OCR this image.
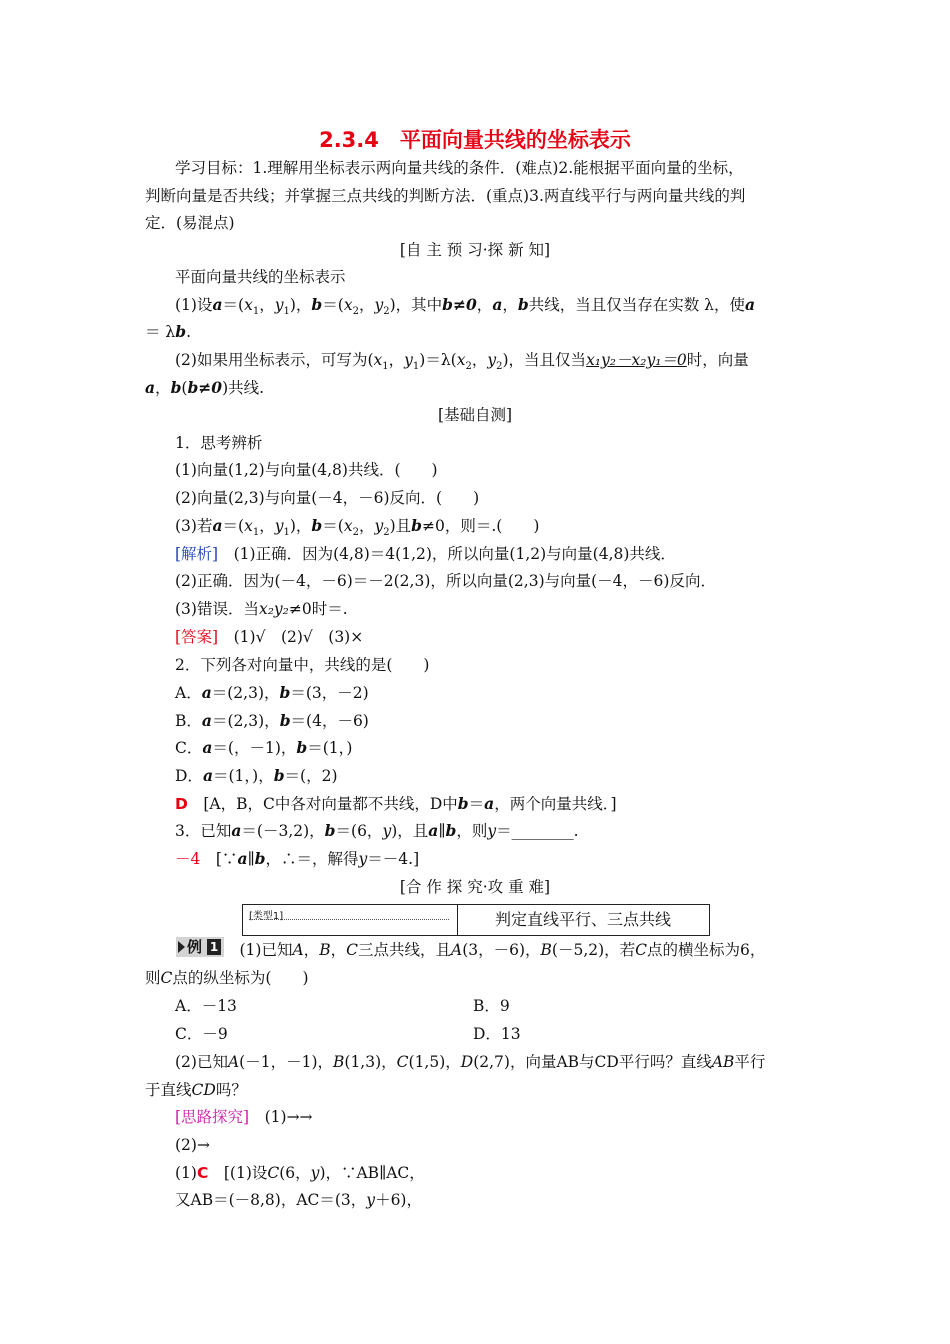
2.3.4　平面向量共线的坐标表示
学习目标：1.理解用坐标表示两向量共线的条件．(难点)2.能根据平面向量的坐标，
判断向量是否共线；并掌握三点共线的判断方法．(重点)3.两直线平行与两向量共线的判
定．(易混点)
[自 主 预 习·探 新 知]
平面向量共线的坐标表示
(1)设$a=(x_1$，$y_1$)，$b=(x_2$，$y_2$)，其中b≠0，a，b共线，当且仅当存在实数 λ，使a
＝ λb.
(2)如果用坐标表示，可写为($x_1$，$y_1)=\lambda(x_2$，$y_2$)，当且仅当x₁y₂－x₂y₁＝0时，向量
a，b(b≠0)共线.
[基础自测]
1．思考辨析
(1)向量(1,2)与向量(4,8)共线．(　　)
(2)向量(2,3)与向量(－4，－6)反向．(　　)
(3)若$a=(x_1$，$y_1$)，$b=(x_2$，$y_2$)且b≠0，则＝.(　　)
[解析]　(1)正确．因为(4,8)＝4(1,2)，所以向量(1,2)与向量(4,8)共线．
(2)正确．因为(－4，－6)＝－2(2,3)，所以向量(2,3)与向量(－4，－6)反向．
(3)错误．当x₂y₂≠0时＝.
[答案]　(1)√　(2)√　(3)×
2．下列各对向量中，共线的是(　　)
A．a＝(2,3)，b＝(3，－2)
B．a＝(2,3)，b＝(4，－6)
C．a＝(，－1)，b＝(1，)
D．a＝(1，)，b＝(，2)
D　[A，B，C中各对向量都不共线，D中b＝a，两个向量共线．]
3．已知a＝(－3,2)，b＝(6，y)，且a∥b，则y＝________.
－4　[∵a∥b，∴＝，解得y＝－4.]
[合 作 探 究·攻 重 难]
[类型1]	判定直线平行、三点共线
例 1 　(1)已知A，B，C三点共线，且A(3，－6)，B(－5,2)，若C点的横坐标为6，
则C点的纵坐标为(　　)
A．－13	B．9
C．－9	D．13
(2)已知A(－1，－1)，B(1,3)，C(1,5)，D(2,7)，向量AB与CD平行吗？直线AB平行
于直线CD吗？
[思路探究]　(1)→→
(2)→
(1)C　[(1)设C(6，y)，∵AB∥AC，
又AB＝(－8,8)，AC＝(3，y＋6)，
